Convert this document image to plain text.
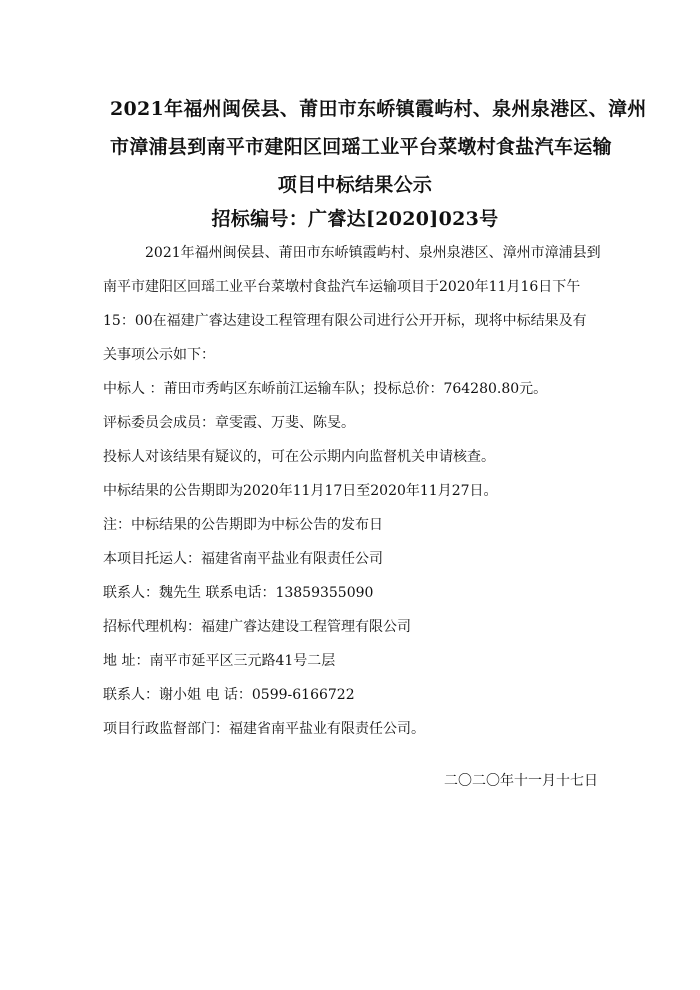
2021年福州闽侯县、莆田市东峤镇霞屿村、泉州泉港区、漳州
市漳浦县到南平市建阳区回瑶工业平台菜墩村食盐汽车运输
项目中标结果公示
招标编号：广睿达[2020]023号
2021年福州闽侯县、莆田市东峤镇霞屿村、泉州泉港区、漳州市漳浦县到
南平市建阳区回瑶工业平台菜墩村食盐汽车运输项目于2020年11月16日下午
15：00在福建广睿达建设工程管理有限公司进行公开开标，现将中标结果及有
关事项公示如下：
中标人 ：莆田市秀屿区东峤前江运输车队；投标总价：764280.80元。
评标委员会成员：章雯霞、万斐、陈旻。
投标人对该结果有疑议的，可在公示期内向监督机关申请核查。
中标结果的公告期即为2020年11月17日至2020年11月27日。
注：中标结果的公告期即为中标公告的发布日
本项目托运人：福建省南平盐业有限责任公司
联系人：魏先生 联系电话：13859355090
招标代理机构：福建广睿达建设工程管理有限公司
地 址：南平市延平区三元路41号二层
联系人：谢小姐 电 话：0599-6166722
项目行政监督部门：福建省南平盐业有限责任公司。
二〇二〇年十一月十七日
